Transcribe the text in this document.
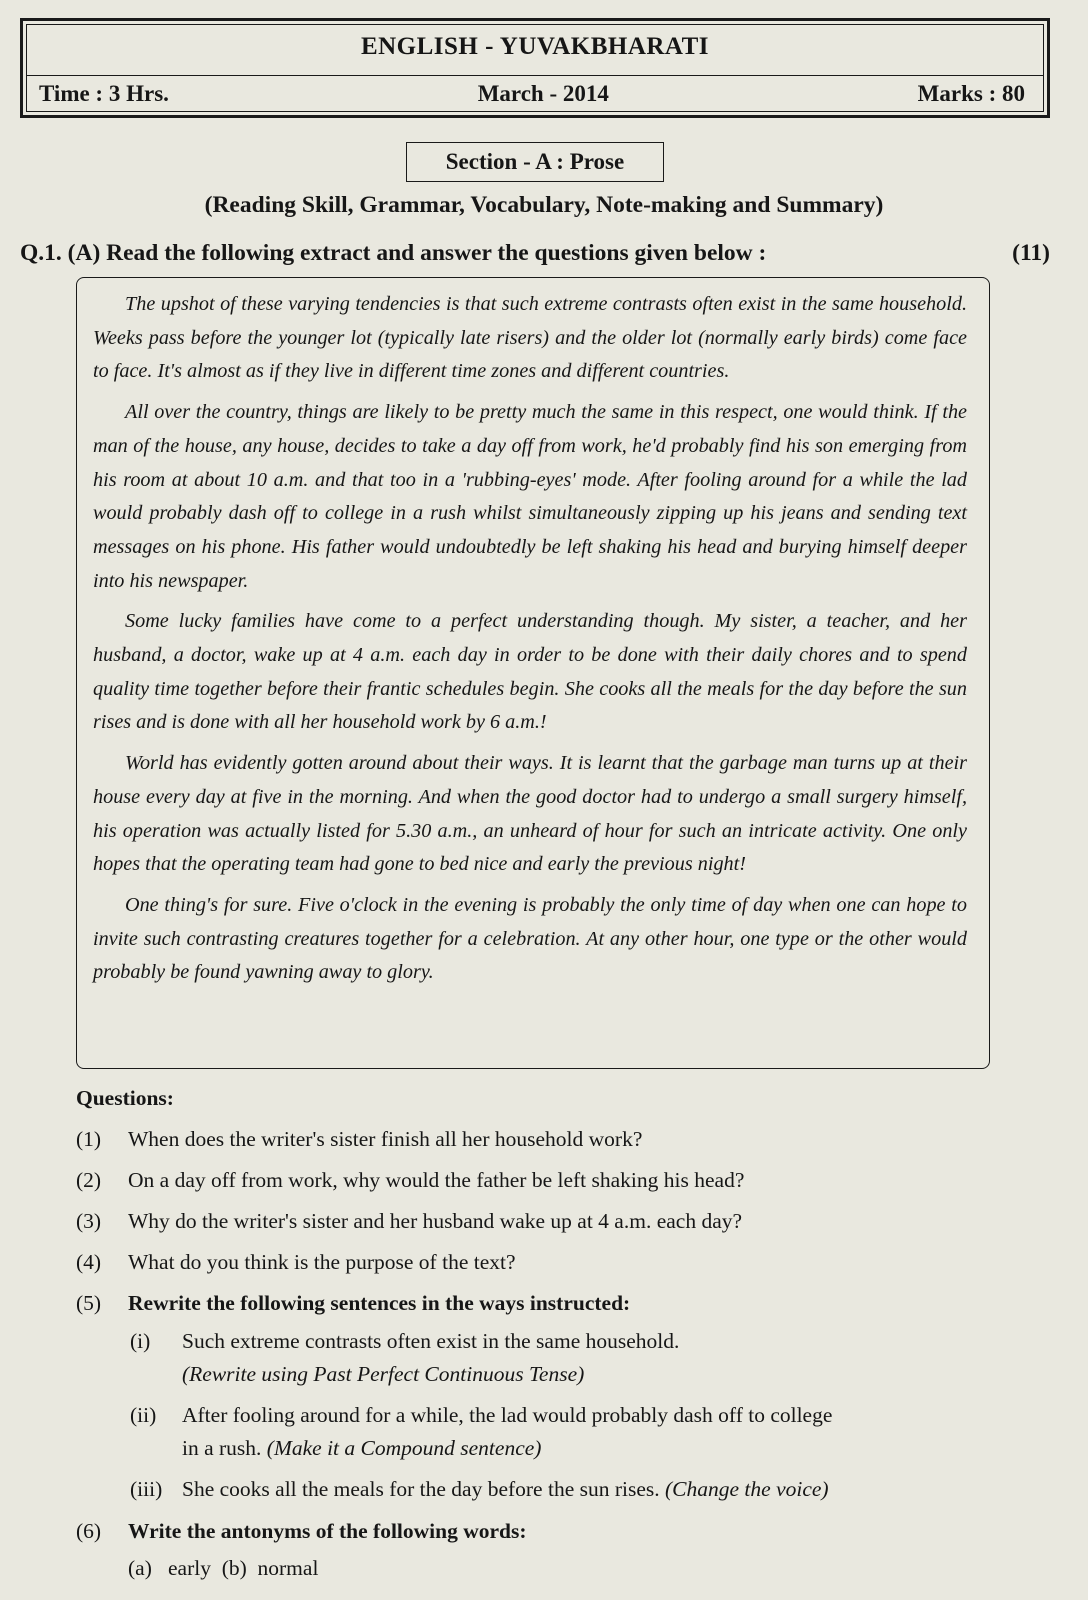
ENGLISH - YUVAKBHARATI
Time : 3 Hrs.	March - 2014	Marks : 80
Section - A : Prose
(Reading Skill, Grammar, Vocabulary, Note-making and Summary)
Q.1. (A) Read the following extract and answer the questions given below :	(11)

The upshot of these varying tendencies is that such extreme contrasts often exist in the same household. Weeks pass before the younger lot (typically late risers) and the older lot (normally early birds) come face to face. It's almost as if they live in different time zones and different countries.

All over the country, things are likely to be pretty much the same in this respect, one would think. If the man of the house, any house, decides to take a day off from work, he'd probably find his son emerging from his room at about 10 a.m. and that too in a 'rubbing-eyes' mode. After fooling around for a while the lad would probably dash off to college in a rush whilst simultaneously zipping up his jeans and sending text messages on his phone. His father would undoubtedly be left shaking his head and burying himself deeper into his newspaper.

Some lucky families have come to a perfect understanding though. My sister, a teacher, and her husband, a doctor, wake up at 4 a.m. each day in order to be done with their daily chores and to spend quality time together before their frantic schedules begin. She cooks all the meals for the day before the sun rises and is done with all her household work by 6 a.m.!

World has evidently gotten around about their ways. It is learnt that the garbage man turns up at their house every day at five in the morning. And when the good doctor had to undergo a small surgery himself, his operation was actually listed for 5.30 a.m., an unheard of hour for such an intricate activity. One only hopes that the operating team had gone to bed nice and early the previous night!

One thing's for sure. Five o'clock in the evening is probably the only time of day when one can hope to invite such contrasting creatures together for a celebration. At any other hour, one type or the other would probably be found yawning away to glory.

Questions:
(1)	When does the writer's sister finish all her household work?
(2)	On a day off from work, why would the father be left shaking his head?
(3)	Why do the writer's sister and her husband wake up at 4 a.m. each day?
(4)	What do you think is the purpose of the text?
(5)	Rewrite the following sentences in the ways instructed:
(i)	Such extreme contrasts often exist in the same household.
(Rewrite using Past Perfect Continuous Tense)
(ii)	After fooling around for a while, the lad would probably dash off to college
in a rush. (Make it a Compound sentence)
(iii) She cooks all the meals for the day before the sun rises. (Change the voice)
(6)	Write the antonyms of the following words:
(a)   early  (b)  normal
